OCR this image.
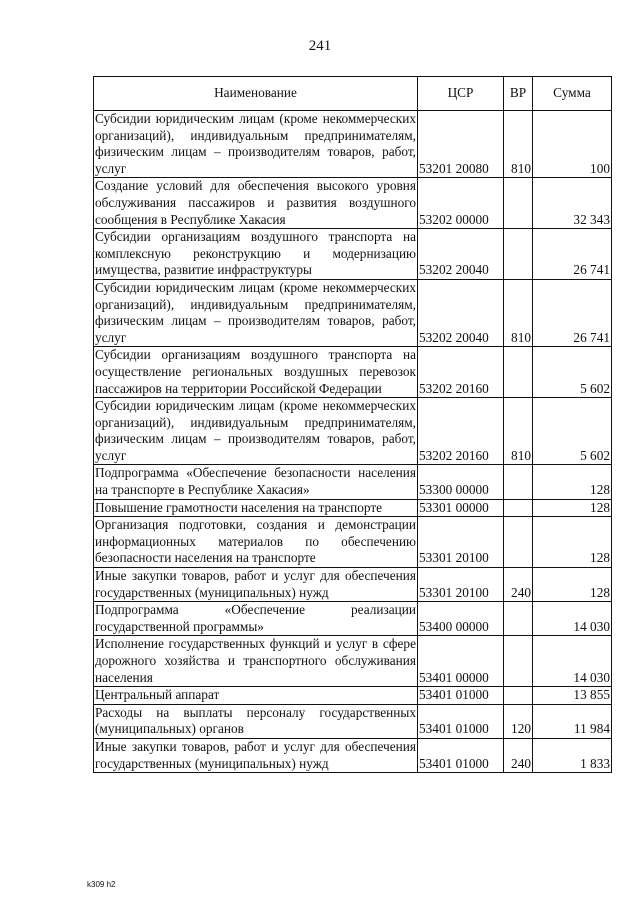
241
Наименование	ЦСР	ВР	Сумма
Субсидии юридическим лицам (кроме некоммерческих организаций), индивидуальным предпринимателям, физическим лицам – производителям товаров, работ, услуг	53201 20080	810	100
Создание условий для обеспечения высокого уровня обслуживания пассажиров и развития воздушного сообщения в Республике Хакасия	53202 00000		32 343
Субсидии организациям воздушного транспорта на комплексную реконструкцию и модернизацию имущества, развитие инфраструктуры	53202 20040		26 741
Субсидии юридическим лицам (кроме некоммерческих организаций), индивидуальным предпринимателям, физическим лицам – производителям товаров, работ, услуг	53202 20040	810	26 741
Субсидии организациям воздушного транспорта на осуществление региональных воздушных перевозок пассажиров на территории Российской Федерации	53202 20160		5 602
Субсидии юридическим лицам (кроме некоммерческих организаций), индивидуальным предпринимателям, физическим лицам – производителям товаров, работ, услуг	53202 20160	810	5 602
Подпрограмма «Обеспечение безопасности населения на транспорте в Республике Хакасия»	53300 00000		128
Повышение грамотности населения на транспорте	53301 00000		128
Организация подготовки, создания и демонстрации информационных материалов по обеспечению безопасности населения на транспорте	53301 20100		128
Иные закупки товаров, работ и услуг для обеспечения государственных (муниципальных) нужд	53301 20100	240	128
Подпрограмма «Обеспечение реализации государственной программы»	53400 00000		14 030
Исполнение государственных функций и услуг в сфере дорожного хозяйства и транспортного обслуживания населения	53401 00000		14 030
Центральный аппарат	53401 01000		13 855
Расходы на выплаты персоналу государственных (муниципальных) органов	53401 01000	120	11 984
Иные закупки товаров, работ и услуг для обеспечения государственных (муниципальных) нужд	53401 01000	240	1 833
k309 h2
